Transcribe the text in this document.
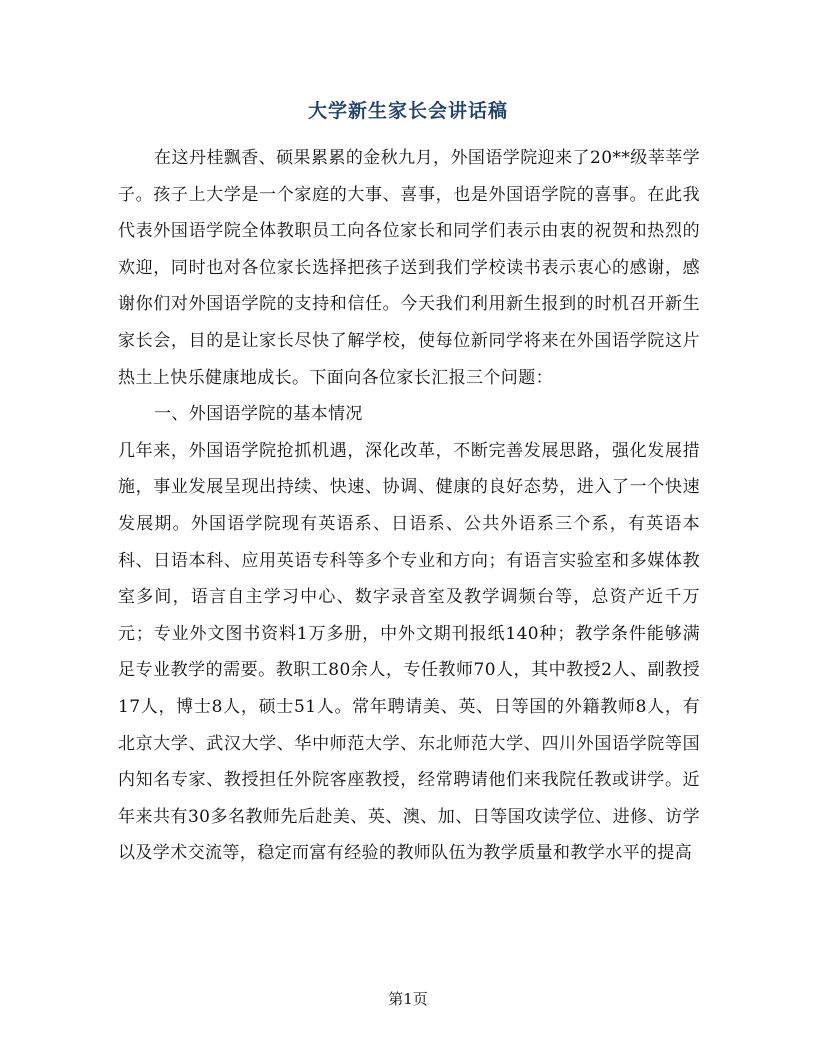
大学新生家长会讲话稿

在这丹桂飘香、硕果累累的金秋九月，外国语学院迎来了20**级莘莘学子。孩子上大学是一个家庭的大事、喜事，也是外国语学院的喜事。在此我代表外国语学院全体教职员工向各位家长和同学们表示由衷的祝贺和热烈的欢迎，同时也对各位家长选择把孩子送到我们学校读书表示衷心的感谢，感谢你们对外国语学院的支持和信任。今天我们利用新生报到的时机召开新生家长会，目的是让家长尽快了解学校，使每位新同学将来在外国语学院这片热土上快乐健康地成长。下面向各位家长汇报三个问题：

一、外国语学院的基本情况

几年来，外国语学院抢抓机遇，深化改革，不断完善发展思路，强化发展措施，事业发展呈现出持续、快速、协调、健康的良好态势，进入了一个快速发展期。外国语学院现有英语系、日语系、公共外语系三个系，有英语本科、日语本科、应用英语专科等多个专业和方向；有语言实验室和多媒体教室多间，语言自主学习中心、数字录音室及教学调频台等，总资产近千万元；专业外文图书资料1万多册，中外文期刊报纸140种；教学条件能够满足专业教学的需要。教职工80余人，专任教师70人，其中教授2人、副教授17人，博士8人，硕士51人。常年聘请美、英、日等国的外籍教师8人，有北京大学、武汉大学、华中师范大学、东北师范大学、四川外国语学院等国内知名专家、教授担任外院客座教授，经常聘请他们来我院任教或讲学。近年来共有30多名教师先后赴美、英、澳、加、日等国攻读学位、进修、访学以及学术交流等，稳定而富有经验的教师队伍为教学质量和教学水平的提高

第1页
